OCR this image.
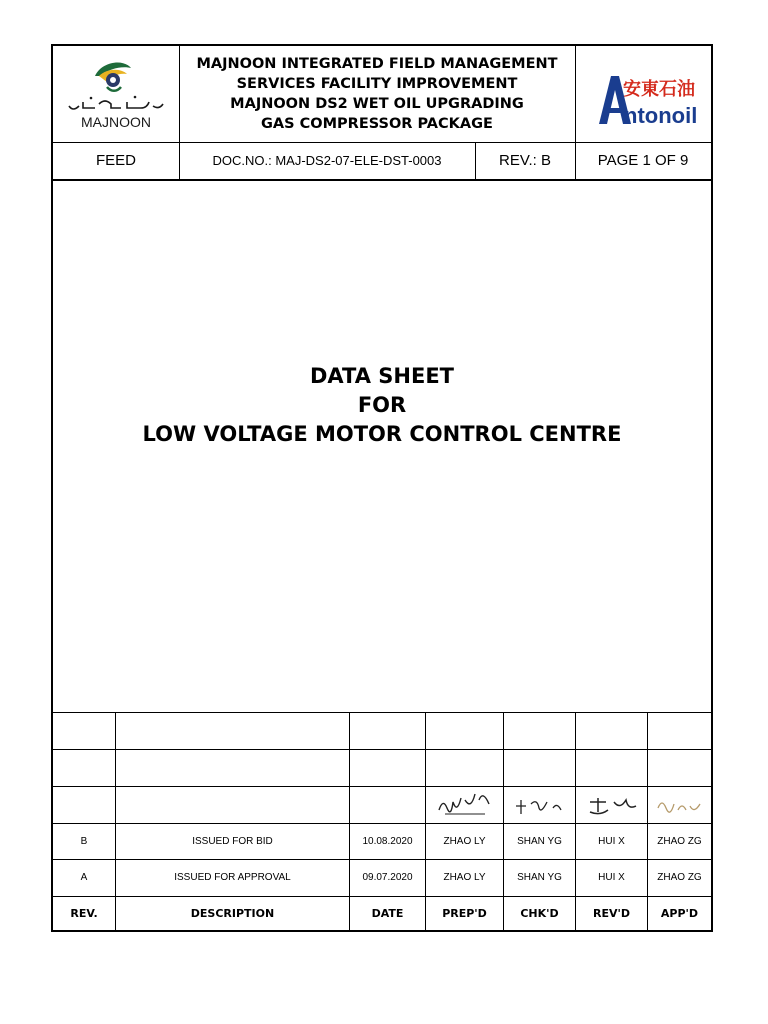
MAJNOON
MAJNOON INTEGRATED FIELD MANAGEMENT
SERVICES FACILITY IMPROVEMENT
MAJNOON DS2 WET OIL UPGRADING
GAS COMPRESSOR PACKAGE
安東石油
ntonoil
FEED	DOC.NO.: MAJ-DS2-07-ELE-DST-0003	REV.: B	PAGE 1 OF 9
DATA SHEET
FOR
LOW VOLTAGE MOTOR CONTROL CENTRE
B	ISSUED FOR BID	10.08.2020	ZHAO LY	SHAN YG	HUI X	ZHAO ZG
A	ISSUED FOR APPROVAL	09.07.2020	ZHAO LY	SHAN YG	HUI X	ZHAO ZG
REV.	DESCRIPTION	DATE	PREP'D	CHK'D	REV'D	APP'D
